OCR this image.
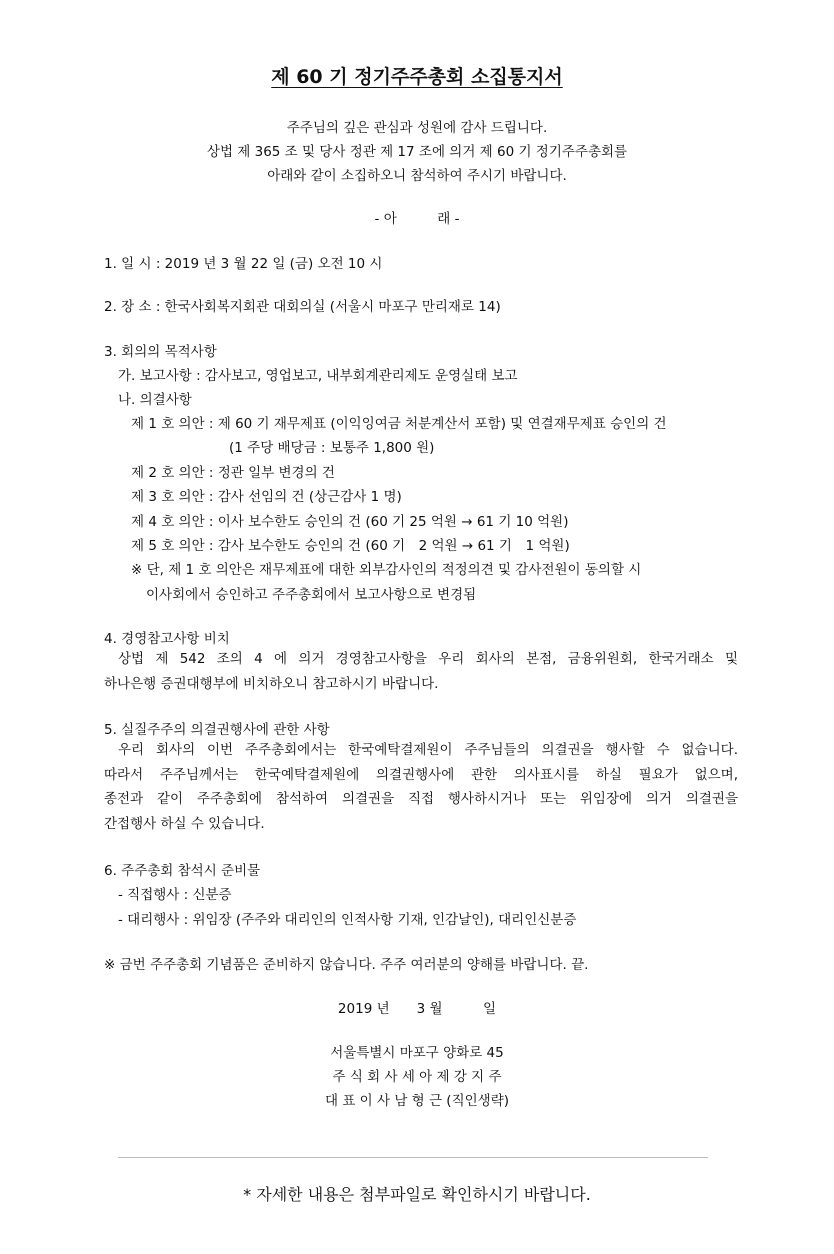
제 60 기 정기주주총회 소집통지서
주주님의 깊은 관심과 성원에 감사 드립니다.
상법 제 365 조 및 당사 정관 제 17 조에 의거 제 60 기 정기주주총회를
아래와 같이 소집하오니 참석하여 주시기 바랍니다.
- 아　　　래 -
1. 일 시 : 2019 년 3 월 22 일 (금) 오전 10 시
2. 장 소 : 한국사회복지회관 대회의실 (서울시 마포구 만리재로 14)
3. 회의의 목적사항
가. 보고사항 : 감사보고, 영업보고, 내부회계관리제도 운영실태 보고
나. 의결사항
제 1 호 의안 : 제 60 기 재무제표 (이익잉여금 처분계산서 포함) 및 연결재무제표 승인의 건
(1 주당 배당금 : 보통주 1,800 원)
제 2 호 의안 : 정관 일부 변경의 건
제 3 호 의안 : 감사 선임의 건 (상근감사 1 명)
제 4 호 의안 : 이사 보수한도 승인의 건 (60 기 25 억원 → 61 기 10 억원)
제 5 호 의안 : 감사 보수한도 승인의 건 (60 기　2 억원 → 61 기　1 억원)
※ 단, 제 1 호 의안은 재무제표에 대한 외부감사인의 적정의견 및 감사전원이 동의할 시
이사회에서 승인하고 주주총회에서 보고사항으로 변경됨
4. 경영참고사항 비치
상법 제 542 조의 4 에 의거 경영참고사항을 우리 회사의 본점, 금융위원회, 한국거래소 및
하나은행 증권대행부에 비치하오니 참고하시기 바랍니다.
5. 실질주주의 의결권행사에 관한 사항
우리 회사의 이번 주주총회에서는 한국예탁결제원이 주주님들의 의결권을 행사할 수 없습니다.
따라서 주주님께서는 한국예탁결제원에 의결권행사에 관한 의사표시를 하실 필요가 없으며,
종전과 같이 주주총회에 참석하여 의결권을 직접 행사하시거나 또는 위임장에 의거 의결권을
간접행사 하실 수 있습니다.
6. 주주총회 참석시 준비물
- 직접행사 : 신분증
- 대리행사 : 위임장 (주주와 대리인의 인적사항 기재, 인감날인), 대리인신분증
※ 금번 주주총회 기념품은 준비하지 않습니다. 주주 여러분의 양해를 바랍니다. 끝.
2019 년　　3 월　　　일
서울특별시 마포구 양화로 45
주 식 회 사 세 아 제 강 지 주
대 표 이 사 남 형 근 (직인생략)
* 자세한 내용은 첨부파일로 확인하시기 바랍니다.
